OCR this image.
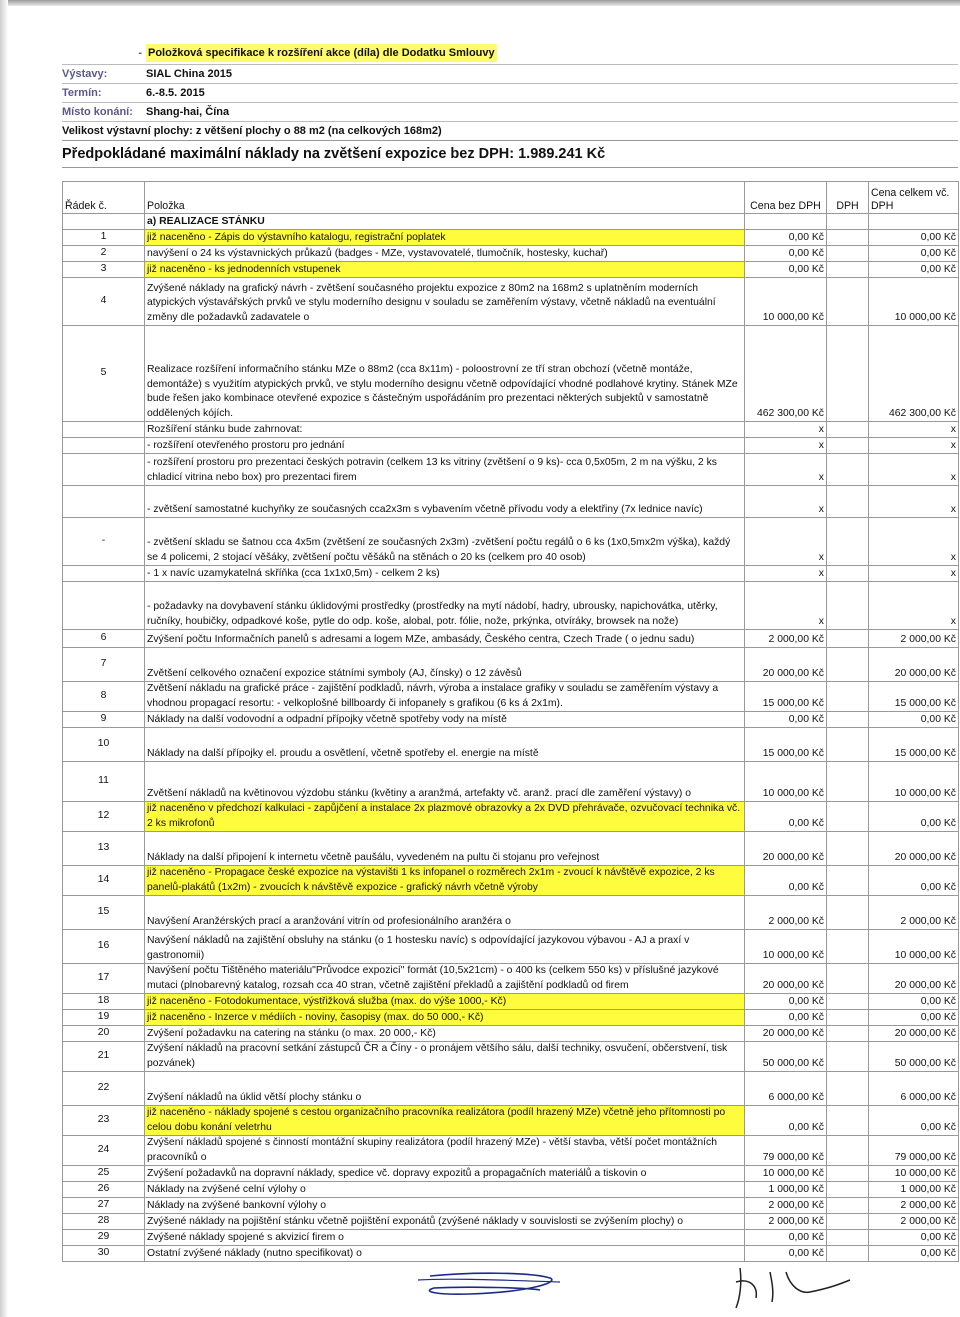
- Položková specifikace k rozšíření akce (díla) dle Dodatku Smlouvy
Výstavy:	SIAL China 2015
Termín:	6.-8.5. 2015
Místo konání:	Shang-hai, Čína
Velikost výstavní plochy: z většení plochy o 88 m2 (na celkových 168m2)
Předpokládané maximální náklady na zvětšení expozice bez DPH: 1.989.241 Kč
Řádek č.	Položka	Cena bez DPH	DPH	Cena celkem vč. DPH
	a) REALIZACE STÁNKU			
1	již naceněno - Zápis do výstavního katalogu, registrační poplatek	0,00 Kč		0,00 Kč
2	navýšení o 24 ks výstavnických průkazů (badges - MZe, vystavovatelé, tlumočník, hostesky, kuchař)	0,00 Kč		0,00 Kč
3	již naceněno - ks jednodenních vstupenek	0,00 Kč		0,00 Kč
4	Zvýšené náklady na grafický návrh - zvětšení současného projektu expozice z 80m2 na 168m2 s uplatněním moderních atypických výstavářských prvků ve stylu moderního designu v souladu se zaměřením výstavy, včetně nákladů na eventuální změny dle požadavků zadavatele o	10 000,00 Kč		10 000,00 Kč
5	Realizace rozšíření informačního stánku MZe o 88m2 (cca 8x11m) - poloostrovní ze tří stran obchozí (včetně montáže, demontáže) s využitím atypických prvků, ve stylu moderního designu včetně odpovídající vhodné podlahové krytiny. Stánek MZe bude řešen jako kombinace otevřené expozice s částečným uspořádáním pro prezentaci některých subjektů v samostatně oddělených kójích.	462 300,00 Kč		462 300,00 Kč
	Rozšíření stánku bude zahrnovat:	x		x
	- rozšíření otevřeného prostoru pro jednání	x		x
	- rozšíření prostoru pro prezentaci českých potravin (celkem 13 ks vitriny (zvětšení o 9 ks)- cca 0,5x05m, 2 m na výšku, 2 ks chladicí vitrina nebo box) pro prezentaci firem	x		x
	- zvětšení samostatné kuchyňky ze současných cca2x3m s vybavením včetně přívodu vody a elektřiny (7x lednice navíc)	x		x
-	- zvětšení skladu se šatnou cca 4x5m (zvětšení ze současných 2x3m) -zvětšení počtu regálů o 6 ks (1x0,5mx2m výška), každý se 4 policemi, 2 stojací věšáky, zvětšení počtu věšáků na stěnách o 20 ks (celkem pro 40 osob)	x		x
	- 1 x navíc uzamykatelná skříňka (cca 1x1x0,5m) - celkem 2 ks)	x		x
	- požadavky na dovybavení stánku úklidovými prostředky (prostředky na mytí nádobí, hadry, ubrousky, napichovátka, utěrky, ručníky, houbičky, odpadkové koše, pytle do odp. koše, alobal, potr. fólie, nože, prkýnka, otvíráky, browsek na nože)	x		x
6	Zvýšení počtu Informačních panelů s adresami a logem MZe, ambasády, Českého centra, Czech Trade ( o jednu sadu)	2 000,00 Kč		2 000,00 Kč
7	Zvětšení celkového označení expozice státními symboly (AJ, čínsky) o 12 závěsů	20 000,00 Kč		20 000,00 Kč
8	Zvětšení nákladu na grafické práce - zajištění podkladů, návrh, výroba a instalace grafiky v souladu se zaměřením výstavy a vhodnou propagací resortu: - velkoplošné billboardy či infopanely s grafikou (6 ks á 2x1m).	15 000,00 Kč		15 000,00 Kč
9	Náklady na další vodovodní a odpadní přípojky včetně spotřeby vody na místě	0,00 Kč		0,00 Kč
10	Náklady na další přípojky el. proudu a osvětlení, včetně spotřeby el. energie na místě	15 000,00 Kč		15 000,00 Kč
11	Zvětšení nákladů na květinovou výzdobu stánku (květiny a aranžmá, artefakty vč. aranž. prací dle zaměření výstavy) o	10 000,00 Kč		10 000,00 Kč
12	již naceněno v předchozí kalkulaci - zapůjčení a instalace 2x plazmové obrazovky a 2x DVD přehrávače, ozvučovací technika vč. 2 ks mikrofonů	0,00 Kč		0,00 Kč
13	Náklady na další připojení k internetu včetně paušálu, vyvedeném na pultu či stojanu pro veřejnost	20 000,00 Kč		20 000,00 Kč
14	již naceněno - Propagace české expozice na výstavišti 1 ks infopanel o rozměrech 2x1m - zvoucí k návštěvě expozice, 2 ks panelů-plakátů (1x2m) - zvoucích k návštěvě expozice - grafický návrh včetně výroby	0,00 Kč		0,00 Kč
15	Navýšení Aranžérských prací a aranžování vitrín od profesionálního aranžéra o	2 000,00 Kč		2 000,00 Kč
16	Navýšení nákladů na zajištění obsluhy na stánku (o 1 hostesku navíc) s odpovídající jazykovou výbavou - AJ a praxí v gastronomii)	10 000,00 Kč		10 000,00 Kč
17	Navýšení počtu Tištěného materiálu"Průvodce expozicí" formát (10,5x21cm) - o 400 ks (celkem 550 ks) v příslušné jazykové mutaci (plnobarevný katalog, rozsah cca 40 stran, včetně zajištění překladů a zajištění podkladů od firem	20 000,00 Kč		20 000,00 Kč
18	již naceněno - Fotodokumentace, výstřižková služba (max. do výše 1000,- Kč)	0,00 Kč		0,00 Kč
19	již naceněno - Inzerce v médiích - noviny, časopisy (max. do 50 000,- Kč)	0,00 Kč		0,00 Kč
20	Zvýšení požadavku na catering na stánku (o max. 20 000,- Kč)	20 000,00 Kč		20 000,00 Kč
21	Zvýšení nákladů na pracovní setkání zástupců ČR a Číny - o pronájem většího sálu, další techniky, osvučení, občerstvení, tisk pozvánek)	50 000,00 Kč		50 000,00 Kč
22	Zvýšení nákladů na úklid větší plochy stánku o	6 000,00 Kč		6 000,00 Kč
23	již naceněno - náklady spojené s cestou organizačního pracovníka realizátora (podíl hrazený MZe) včetně jeho přítomnosti po celou dobu konání veletrhu	0,00 Kč		0,00 Kč
24	Zvýšení nákladů spojené s činností montážní skupiny realizátora (podíl hrazený MZe) - větší stavba, větší počet montážních pracovníků o	79 000,00 Kč		79 000,00 Kč
25	Zvýšení požadavků na dopravní náklady, spedice vč. dopravy expozitů a propagačních materiálů a tiskovin o	10 000,00 Kč		10 000,00 Kč
26	Náklady na zvýšené celní výlohy o	1 000,00 Kč		1 000,00 Kč
27	Náklady na zvýšené bankovní výlohy o	2 000,00 Kč		2 000,00 Kč
28	Zvýšené náklady na pojištění stánku včetně pojištění exponátů (zvýšené náklady v souvislosti se zvýšením plochy) o	2 000,00 Kč		2 000,00 Kč
29	Zvýšené náklady spojené s akvizicí firem o	0,00 Kč		0,00 Kč
30	Ostatní zvýšené náklady (nutno specifikovat) o	0,00 Kč		0,00 Kč
